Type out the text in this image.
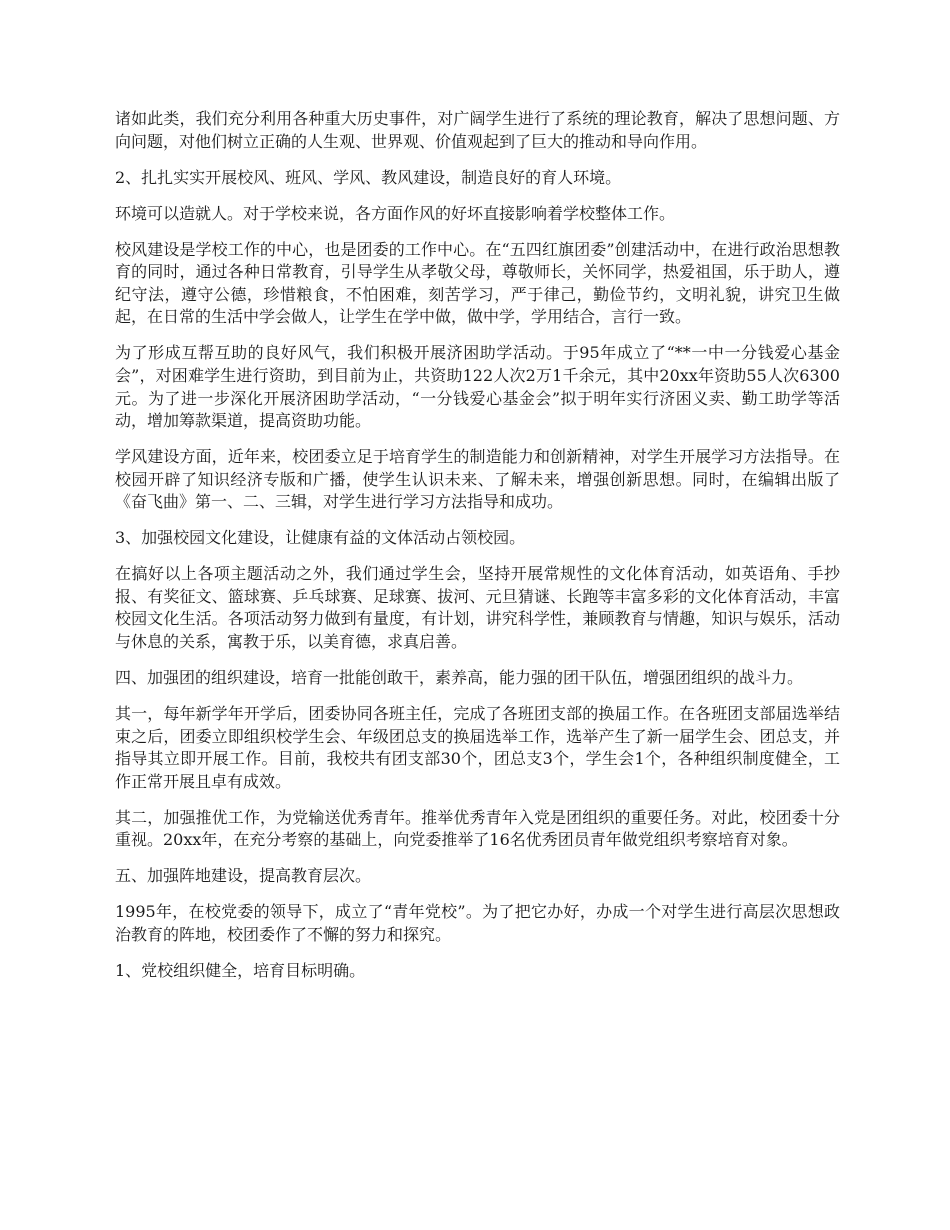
诸如此类，我们充分利用各种重大历史事件，对广阔学生进行了系统的理论教育，解决了思想问题、方向问题，对他们树立正确的人生观、世界观、价值观起到了巨大的推动和导向作用。

2、扎扎实实开展校风、班风、学风、教风建设，制造良好的育人环境。

环境可以造就人。对于学校来说，各方面作风的好坏直接影响着学校整体工作。

校风建设是学校工作的中心，也是团委的工作中心。在“五四红旗团委”创建活动中，在进行政治思想教育的同时，通过各种日常教育，引导学生从孝敬父母，尊敬师长，关怀同学，热爱祖国，乐于助人，遵纪守法，遵守公德，珍惜粮食，不怕困难，刻苦学习，严于律己，勤俭节约，文明礼貌，讲究卫生做起，在日常的生活中学会做人，让学生在学中做，做中学，学用结合，言行一致。

为了形成互帮互助的良好风气，我们积极开展济困助学活动。于95年成立了“**一中一分钱爱心基金会”，对困难学生进行资助，到目前为止，共资助122人次2万1千余元，其中20xx年资助55人次6300元。为了进一步深化开展济困助学活动，“一分钱爱心基金会”拟于明年实行济困义卖、勤工助学等活动，增加筹款渠道，提高资助功能。

学风建设方面，近年来，校团委立足于培育学生的制造能力和创新精神，对学生开展学习方法指导。在校园开辟了知识经济专版和广播，使学生认识未来、了解未来，增强创新思想。同时，在编辑出版了《奋飞曲》第一、二、三辑，对学生进行学习方法指导和成功。

3、加强校园文化建设，让健康有益的文体活动占领校园。

在搞好以上各项主题活动之外，我们通过学生会，坚持开展常规性的文化体育活动，如英语角、手抄报、有奖征文、篮球赛、乒乓球赛、足球赛、拔河、元旦猜谜、长跑等丰富多彩的文化体育活动，丰富校园文化生活。各项活动努力做到有量度，有计划，讲究科学性，兼顾教育与情趣，知识与娱乐，活动与休息的关系，寓教于乐，以美育德，求真启善。

四、加强团的组织建设，培育一批能创敢干，素养高，能力强的团干队伍，增强团组织的战斗力。

其一，每年新学年开学后，团委协同各班主任，完成了各班团支部的换届工作。在各班团支部届选举结束之后，团委立即组织校学生会、年级团总支的换届选举工作，选举产生了新一届学生会、团总支，并指导其立即开展工作。目前，我校共有团支部30个，团总支3个，学生会1个，各种组织制度健全，工作正常开展且卓有成效。

其二，加强推优工作，为党输送优秀青年。推举优秀青年入党是团组织的重要任务。对此，校团委十分重视。20xx年，在充分考察的基础上，向党委推举了16名优秀团员青年做党组织考察培育对象。

五、加强阵地建设，提高教育层次。

1995年，在校党委的领导下，成立了“青年党校”。为了把它办好，办成一个对学生进行高层次思想政治教育的阵地，校团委作了不懈的努力和探究。

1、党校组织健全，培育目标明确。
